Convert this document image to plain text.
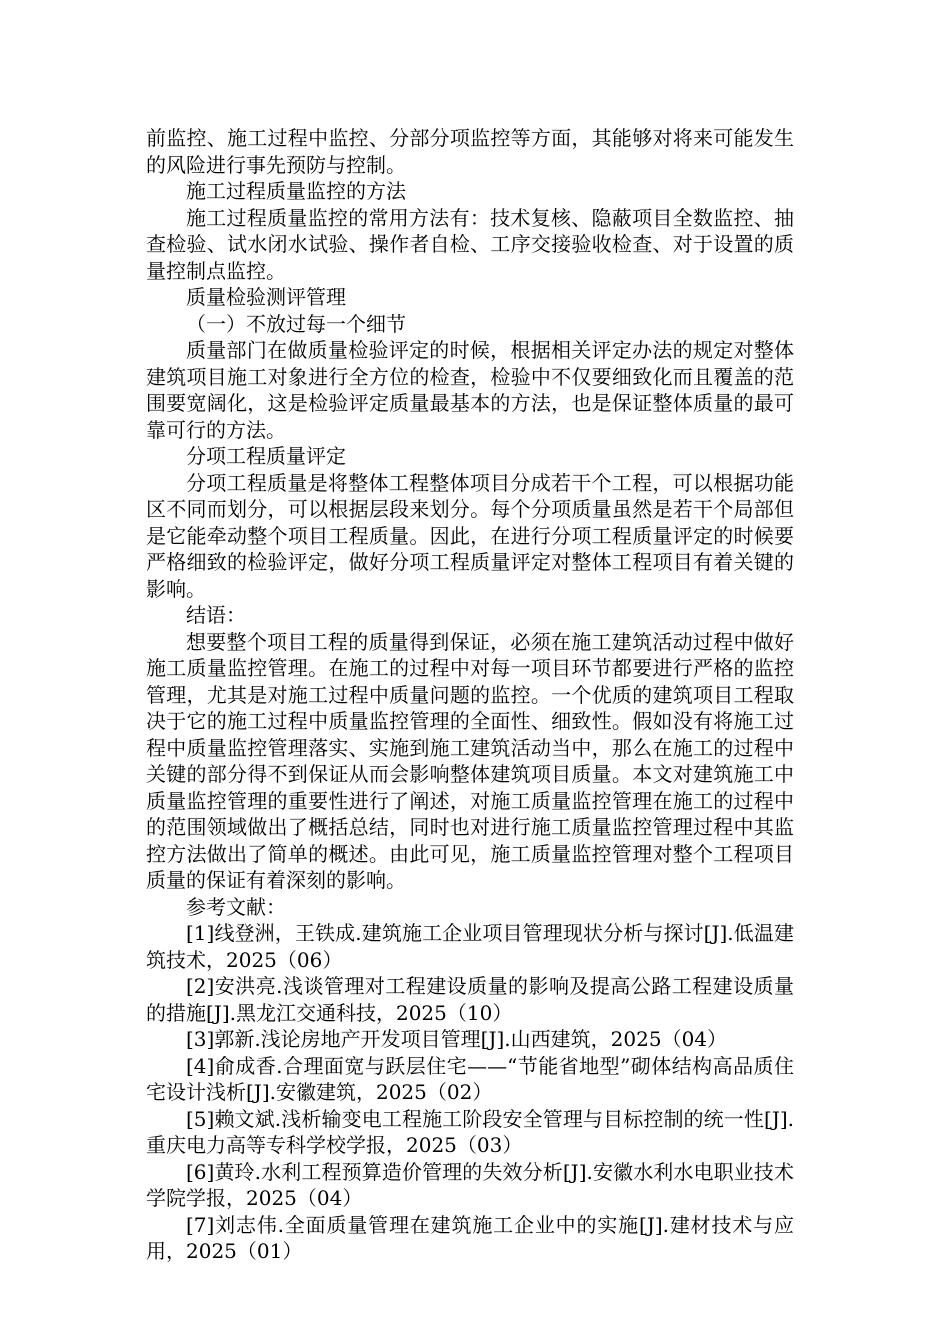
前监控、施工过程中监控、分部分项监控等方面，其能够对将来可能发生的风险进行事先预防与控制。

施工过程质量监控的方法

施工过程质量监控的常用方法有：技术复核、隐蔽项目全数监控、抽查检验、试水闭水试验、操作者自检、工序交接验收检查、对于设置的质量控制点监控。

质量检验测评管理

（一）不放过每一个细节

质量部门在做质量检验评定的时候，根据相关评定办法的规定对整体建筑项目施工对象进行全方位的检查，检验中不仅要细致化而且覆盖的范围要宽阔化，这是检验评定质量最基本的方法，也是保证整体质量的最可靠可行的方法。

分项工程质量评定

分项工程质量是将整体工程整体项目分成若干个工程，可以根据功能区不同而划分，可以根据层段来划分。每个分项质量虽然是若干个局部但是它能牵动整个项目工程质量。因此，在进行分项工程质量评定的时候要严格细致的检验评定，做好分项工程质量评定对整体工程项目有着关键的影响。

结语：

想要整个项目工程的质量得到保证，必须在施工建筑活动过程中做好施工质量监控管理。在施工的过程中对每一项目环节都要进行严格的监控管理，尤其是对施工过程中质量问题的监控。一个优质的建筑项目工程取决于它的施工过程中质量监控管理的全面性、细致性。假如没有将施工过程中质量监控管理落实、实施到施工建筑活动当中，那么在施工的过程中关键的部分得不到保证从而会影响整体建筑项目质量。本文对建筑施工中质量监控管理的重要性进行了阐述，对施工质量监控管理在施工的过程中的范围领域做出了概括总结，同时也对进行施工质量监控管理过程中其监控方法做出了简单的概述。由此可见，施工质量监控管理对整个工程项目质量的保证有着深刻的影响。

参考文献：

[1]线登洲，王铁成.建筑施工企业项目管理现状分析与探讨[J].低温建筑技术，2025（06）

[2]安洪亮.浅谈管理对工程建设质量的影响及提高公路工程建设质量的措施[J].黑龙江交通科技，2025（10）

[3]郭新.浅论房地产开发项目管理[J].山西建筑，2025（04）

[4]俞成香.合理面宽与跃层住宅——“节能省地型”砌体结构高品质住宅设计浅析[J].安徽建筑，2025（02）

[5]赖文斌.浅析输变电工程施工阶段安全管理与目标控制的统一性[J].重庆电力高等专科学校学报，2025（03）

[6]黄玲.水利工程预算造价管理的失效分析[J].安徽水利水电职业技术学院学报，2025（04）

[7]刘志伟.全面质量管理在建筑施工企业中的实施[J].建材技术与应用，2025（01）
